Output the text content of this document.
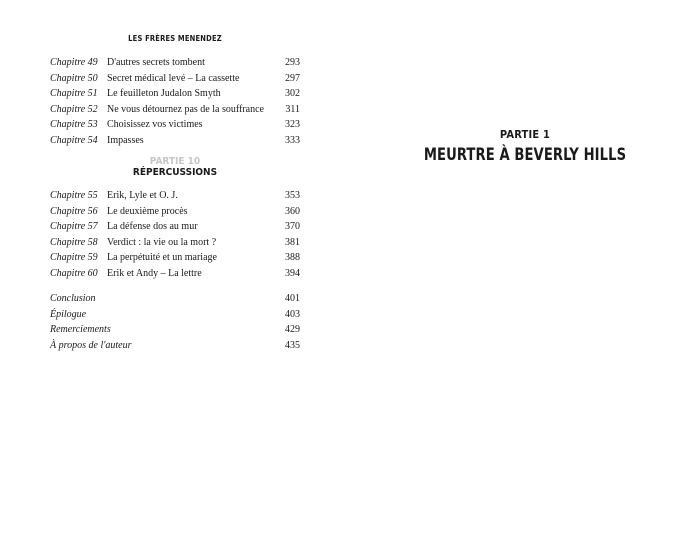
LES FRÈRES MENENDEZ
Chapitre 49 D'autres secrets tombent	293
Chapitre 50 Secret médical levé – La cassette	297
Chapitre 51 Le feuilleton Judalon Smyth	302
Chapitre 52 Ne vous détournez pas de la souffrance 311
Chapitre 53 Choisissez vos victimes	323
Chapitre 54 Impasses	333
PARTIE 10
RÉPERCUSSIONS
Chapitre 55 Erik, Lyle et O. J.	353
Chapitre 56 Le deuxième procès	360
Chapitre 57 La défense dos au mur	370
Chapitre 58 Verdict : la vie ou la mort ?	381
Chapitre 59 La perpétuité et un mariage	388
Chapitre 60 Erik et Andy – La lettre	394
Conclusion	401
Épilogue	403
Remerciements	429
À propos de l'auteur	435
PARTIE 1
MEURTRE À BEVERLY HILLS
